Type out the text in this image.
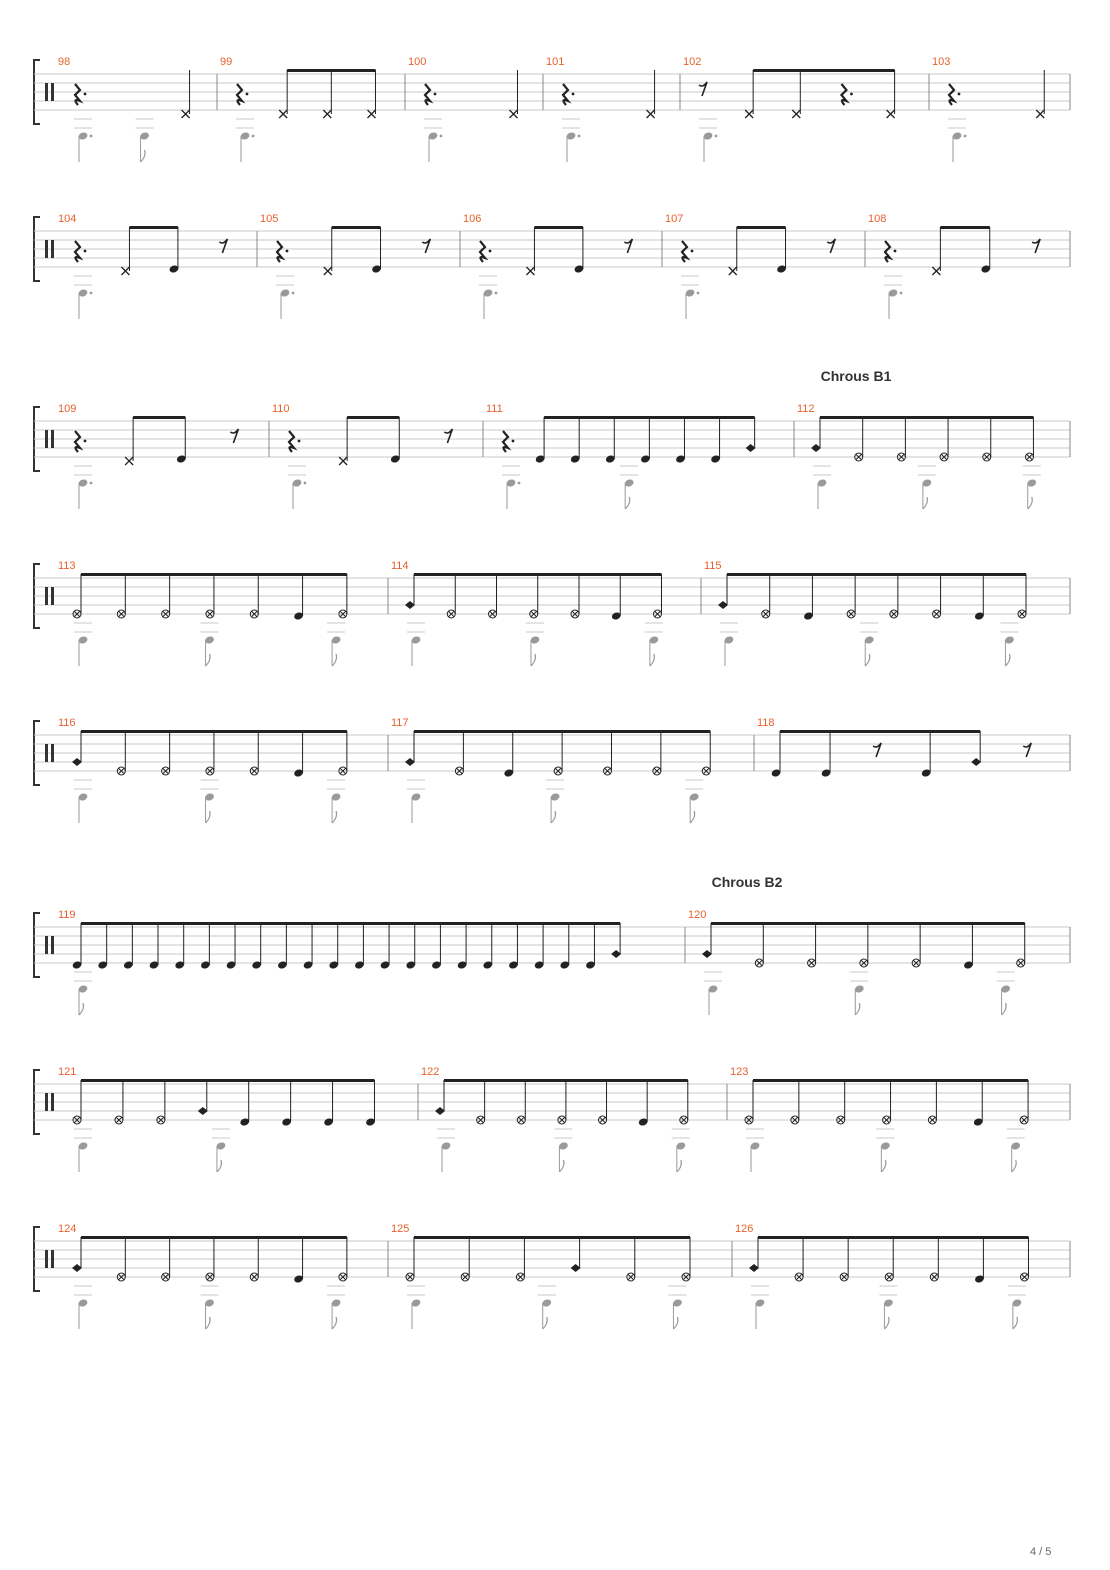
98	99	100	101	102	103
104	105	106	107	108
Chrous B1
109	110	111	112
113	114	115
116	117	118
Chrous B2
119	120
121	122	123
124	125	126
4 / 5
